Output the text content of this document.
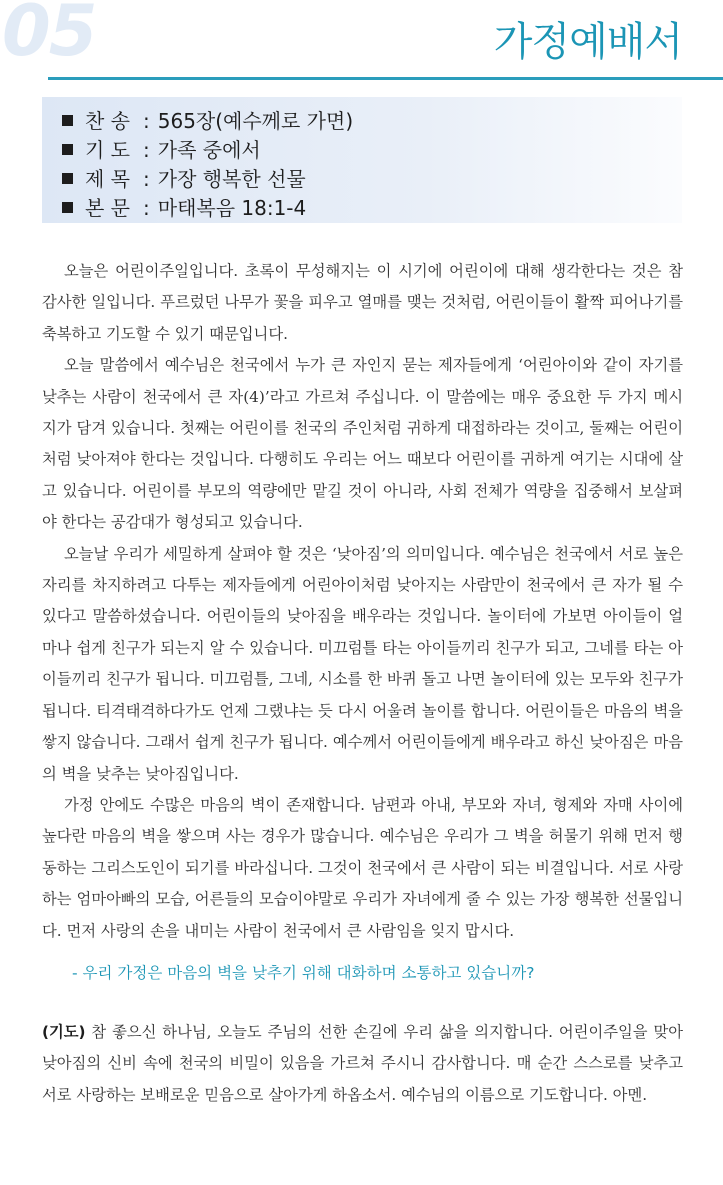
05	가정예배서
찬 송 : 565장(예수께로 가면)
기 도 : 가족 중에서
제 목 : 가장 행복한 선물
본 문 : 마태복음 18:1-4

오늘은 어린이주일입니다. 초록이 무성해지는 이 시기에 어린이에 대해 생각한다는 것은 참 감사한 일입니다. 푸르렀던 나무가 꽃을 피우고 열매를 맺는 것처럼, 어린이들이 활짝 피어나기를 축복하고 기도할 수 있기 때문입니다.

오늘 말씀에서 예수님은 천국에서 누가 큰 자인지 묻는 제자들에게 ‘어린아이와 같이 자기를 낮추는 사람이 천국에서 큰 자(4)’라고 가르쳐 주십니다. 이 말씀에는 매우 중요한 두 가지 메시지가 담겨 있습니다. 첫째는 어린이를 천국의 주인처럼 귀하게 대접하라는 것이고, 둘째는 어린이처럼 낮아져야 한다는 것입니다. 다행히도 우리는 어느 때보다 어린이를 귀하게 여기는 시대에 살고 있습니다. 어린이를 부모의 역량에만 맡길 것이 아니라, 사회 전체가 역량을 집중해서 보살펴야 한다는 공감대가 형성되고 있습니다.

오늘날 우리가 세밀하게 살펴야 할 것은 ‘낮아짐’의 의미입니다. 예수님은 천국에서 서로 높은 자리를 차지하려고 다투는 제자들에게 어린아이처럼 낮아지는 사람만이 천국에서 큰 자가 될 수 있다고 말씀하셨습니다. 어린이들의 낮아짐을 배우라는 것입니다. 놀이터에 가보면 아이들이 얼마나 쉽게 친구가 되는지 알 수 있습니다. 미끄럼틀 타는 아이들끼리 친구가 되고, 그네를 타는 아이들끼리 친구가 됩니다. 미끄럼틀, 그네, 시소를 한 바퀴 돌고 나면 놀이터에 있는 모두와 친구가 됩니다. 티격태격하다가도 언제 그랬냐는 듯 다시 어울려 놀이를 합니다. 어린이들은 마음의 벽을 쌓지 않습니다. 그래서 쉽게 친구가 됩니다. 예수께서 어린이들에게 배우라고 하신 낮아짐은 마음의 벽을 낮추는 낮아짐입니다.

가정 안에도 수많은 마음의 벽이 존재합니다. 남편과 아내, 부모와 자녀, 형제와 자매 사이에 높다란 마음의 벽을 쌓으며 사는 경우가 많습니다. 예수님은 우리가 그 벽을 허물기 위해 먼저 행동하는 그리스도인이 되기를 바라십니다. 그것이 천국에서 큰 사람이 되는 비결입니다. 서로 사랑하는 엄마아빠의 모습, 어른들의 모습이야말로 우리가 자녀에게 줄 수 있는 가장 행복한 선물입니다. 먼저 사랑의 손을 내미는 사람이 천국에서 큰 사람임을 잊지 맙시다.

- 우리 가정은 마음의 벽을 낮추기 위해 대화하며 소통하고 있습니까?
(기도) 참 좋으신 하나님, 오늘도 주님의 선한 손길에 우리 삶을 의지합니다. 어린이주일을 맞아 낮아짐의 신비 속에 천국의 비밀이 있음을 가르쳐 주시니 감사합니다. 매 순간 스스로를 낮추고 서로 사랑하는 보배로운 믿음으로 살아가게 하옵소서. 예수님의 이름으로 기도합니다. 아멘.
